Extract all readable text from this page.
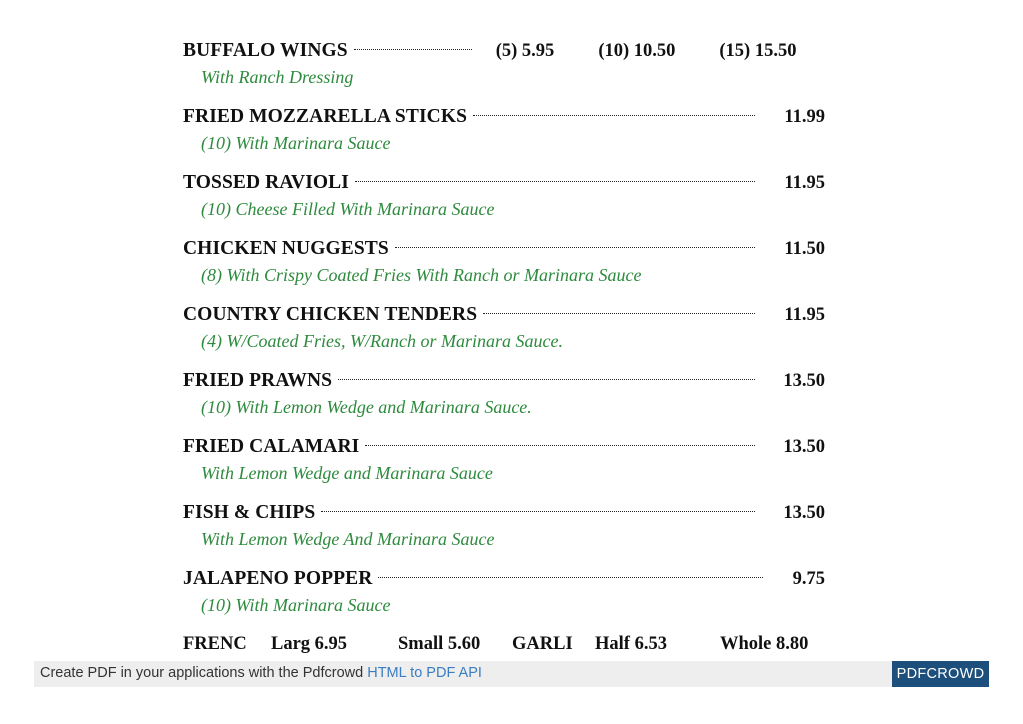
BUFFALO WINGS	(5) 5.95 (10) 10.50 (15) 15.50
With Ranch Dressing
FRIED MOZZARELLA STICKS	11.99
(10) With Marinara Sauce
TOSSED RAVIOLI	11.95
(10) Cheese Filled With Marinara Sauce
CHICKEN NUGGESTS	11.50
(8) With Crispy Coated Fries With Ranch or Marinara Sauce
COUNTRY CHICKEN TENDERS	11.95
(4) W/Coated Fries, W/Ranch or Marinara Sauce.
FRIED PRAWNS	13.50
(10) With Lemon Wedge and Marinara Sauce.
FRIED CALAMARI	13.50
With Lemon Wedge and Marinara Sauce
FISH & CHIPS	13.50
With Lemon Wedge And Marinara Sauce
JALAPENO POPPER	9.75
(10) With Marinara Sauce
FRENC Larg 6.95	Small 5.60 GARLI Half 6.53	Whole 8.80
Create PDF in your applications with the Pdfcrowd HTML to PDF API	PDFCROWD
